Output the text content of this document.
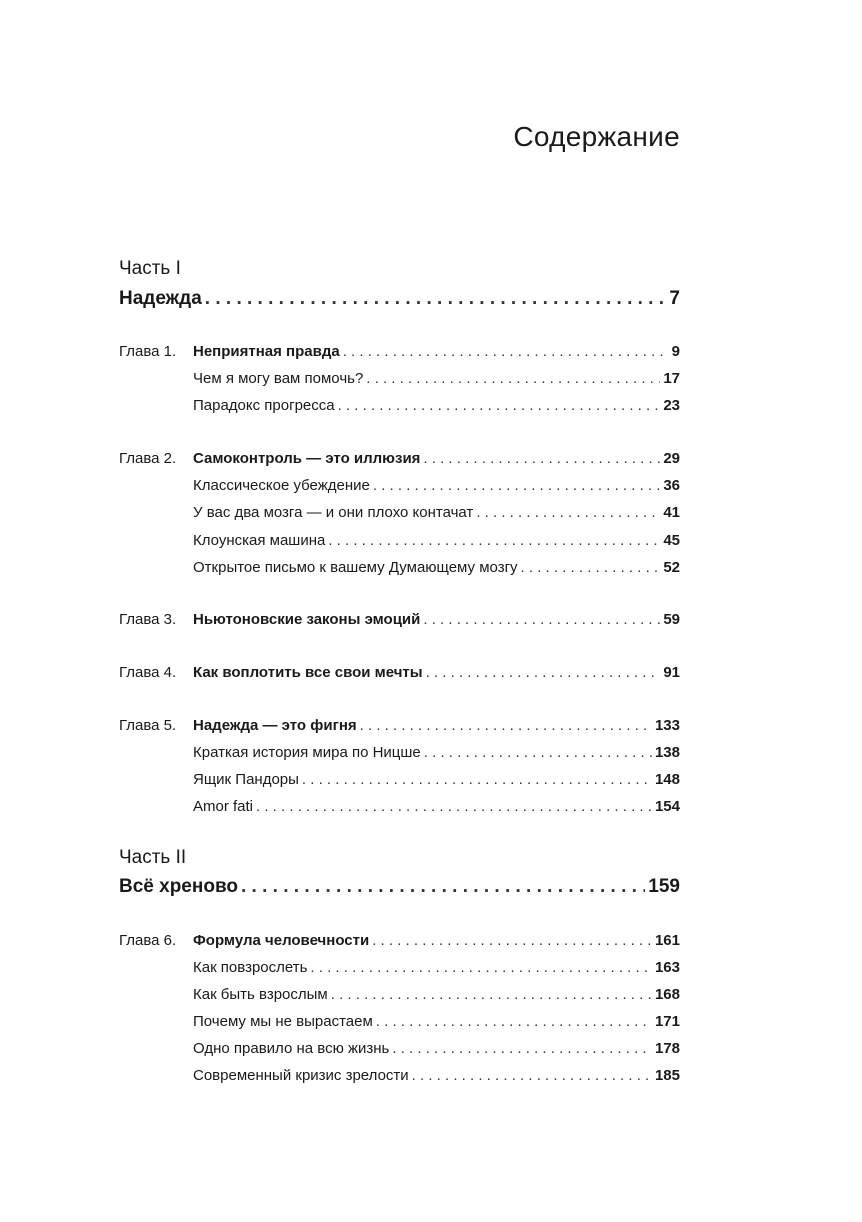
Содержание
Часть I
Надежда . . .	7
Глава 1.	Неприятная правда . . .	9
Чем я могу вам помочь? . . .	17
Парадокс прогресса . . .	23
Глава 2.	Самоконтроль — это иллюзия . . .	29
Классическое убеждение . . .	36
У вас два мозга — и они плохо контачат . . .	41
Клоунская машина . . .	45
Открытое письмо к вашему Думающему мозгу . . .	52
Глава 3.	Ньютоновские законы эмоций . . .	59
Глава 4.	Как воплотить все свои мечты . . .	91
Глава 5.	Надежда — это фигня . . .	133
Краткая история мира по Ницше . . .	138
Ящик Пандоры . . .	148
Amor fati . . .	154
Часть II
Всё хреново . . .	159
Глава 6.	Формула человечности . . .	161
Как повзрослеть . . .	163
Как быть взрослым . . .	168
Почему мы не вырастаем . . .	171
Одно правило на всю жизнь . . .	178
Современный кризис зрелости . . .	185
